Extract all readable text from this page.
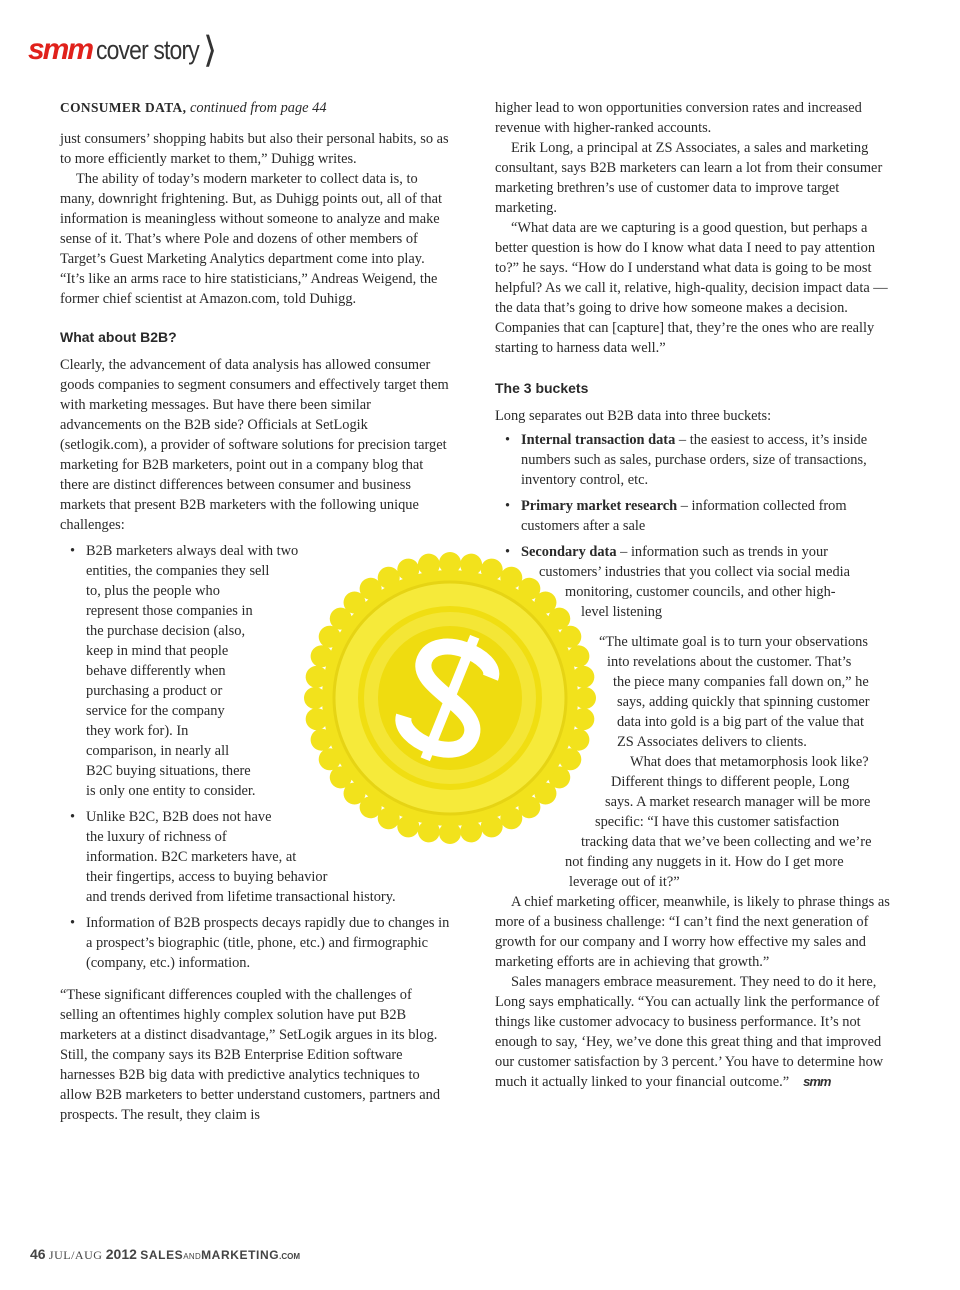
smm cover story ⟩

CONSUMER DATA, continued from page 44

just consumers’ shopping habits but also their personal habits, so as to more efficiently market to them,” Duhigg writes.

The ability of today’s modern marketer to collect data is, to many, downright frightening. But, as Duhigg points out, all of that information is meaningless without someone to analyze and make sense of it. That’s where Pole and dozens of other members of Target’s Guest Marketing Analytics department come into play. “It’s like an arms race to hire statisticians,” Andreas Weigend, the former chief scientist at Amazon.com, told Duhigg.

What about B2B?

Clearly, the advancement of data analysis has allowed consumer goods companies to segment consumers and effectively target them with marketing messages. But have there been similar advancements on the B2B side? Officials at SetLogik (setlogik.com), a provider of software solutions for precision target marketing for B2B marketers, point out in a company blog that there are distinct differences between consumer and business markets that present B2B marketers with the following unique challenges:

• B2B marketers always deal with two
entities, the companies they sell
to, plus the people who
represent those companies in
the purchase decision (also,
keep in mind that people
behave differently when
purchasing a product or
service for the company
they work for). In
comparison, in nearly all
B2C buying situations, there
is only one entity to consider.
• Unlike B2C, B2B does not have
the luxury of richness of
information. B2C marketers have, at
their fingertips, access to buying behavior
and trends derived from lifetime transactional history.
• Information of B2B prospects decays rapidly due to changes in a prospect’s biographic (title, phone, etc.) and firmographic (company, etc.) information.

“These significant differences coupled with the challenges of selling an oftentimes highly complex solution have put B2B marketers at a distinct disadvantage,” SetLogik argues in its blog. Still, the company says its B2B Enterprise Edition software harnesses B2B big data with predictive analytics techniques to allow B2B marketers to better understand customers, partners and prospects. The result, they claim is

higher lead to won opportunities conversion rates and increased revenue with higher-ranked accounts.

Erik Long, a principal at ZS Associates, a sales and marketing consultant, says B2B marketers can learn a lot from their consumer marketing brethren’s use of customer data to improve target marketing.

“What data are we capturing is a good question, but perhaps a better question is how do I know what data I need to pay attention to?” he says. “How do I understand what data is going to be most helpful? As we call it, relative, high-quality, decision impact data — the data that’s going to drive how someone makes a decision. Companies that can [capture] that, they’re the ones who are really starting to harness data well.”

The 3 buckets

Long separates out B2B data into three buckets:

• Internal transaction data – the easiest to access, it’s inside numbers such as sales, purchase orders, size of transactions, inventory control, etc.
• Primary market research – information collected from customers after a sale
• Secondary data – information such as trends in your
customers’ industries that you collect via social media
monitoring, customer councils, and other high-
level listening
“The ultimate goal is to turn your observations
into revelations about the customer. That’s
the piece many companies fall down on,” he
says, adding quickly that spinning customer
data into gold is a big part of the value that
ZS Associates delivers to clients.
What does that metamorphosis look like?
Different things to different people, Long
says. A market research manager will be more
specific: “I have this customer satisfaction
tracking data that we’ve been collecting and we’re
not finding any nuggets in it. How do I get more
leverage out of it?”

A chief marketing officer, meanwhile, is likely to phrase things as more of a business challenge: “I can’t find the next generation of growth for our company and I worry how effective my sales and marketing efforts are in achieving that growth.”

Sales managers embrace measurement. They need to do it here, Long says emphatically. “You can actually link the performance of things like customer advocacy to business performance. It’s not enough to say, ‘Hey, we’ve done this great thing and that improved our customer satisfaction by 3 percent.’ You have to determine how much it actually linked to your financial outcome.” smm

46 JUL/AUG 2012 SALESANDMARKETING.COM
